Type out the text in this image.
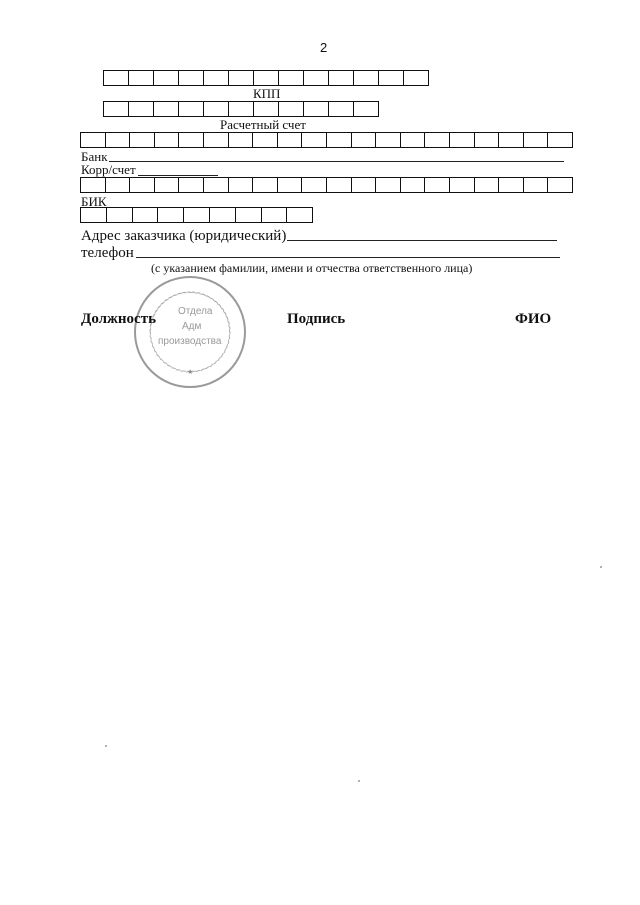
2
КПП
Расчетный счет
Банк
Корр/счет
БИК
Адрес заказчика (юридический)
телефон
(с указанием фамилии, имени и отчества ответственного лица)
Отдела
Адм
производства
★
Должность	Подпись	ФИО
